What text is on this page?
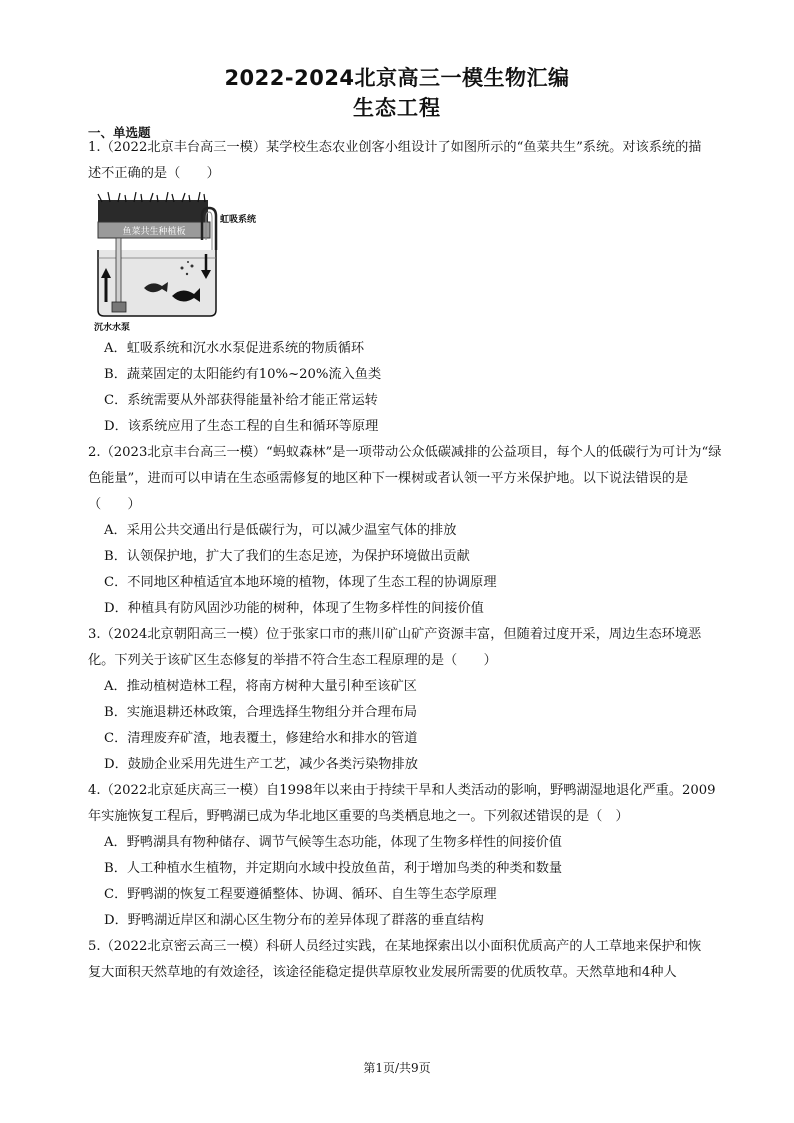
2022-2024北京高三一模生物汇编
生态工程
一、单选题
1.（2022北京丰台高三一模）某学校生态农业创客小组设计了如图所示的“鱼菜共生”系统。对该系统的描
述不正确的是（　　）
鱼菜共生种植板
虹吸系统
沉水水泵
A．虹吸系统和沉水水泵促进系统的物质循环
B．蔬菜固定的太阳能约有10%~20%流入鱼类
C．系统需要从外部获得能量补给才能正常运转
D．该系统应用了生态工程的自生和循环等原理
2.（2023北京丰台高三一模）“蚂蚁森林”是一项带动公众低碳减排的公益项目，每个人的低碳行为可计为“绿
色能量”，进而可以申请在生态亟需修复的地区种下一棵树或者认领一平方米保护地。以下说法错误的是
（　　）
A．采用公共交通出行是低碳行为，可以减少温室气体的排放
B．认领保护地，扩大了我们的生态足迹，为保护环境做出贡献
C．不同地区种植适宜本地环境的植物，体现了生态工程的协调原理
D．种植具有防风固沙功能的树种，体现了生物多样性的间接价值
3.（2024北京朝阳高三一模）位于张家口市的燕川矿山矿产资源丰富，但随着过度开采，周边生态环境恶
化。下列关于该矿区生态修复的举措不符合生态工程原理的是（　　）
A．推动植树造林工程，将南方树种大量引种至该矿区
B．实施退耕还林政策，合理选择生物组分并合理布局
C．清理废弃矿渣，地表覆土，修建给水和排水的管道
D．鼓励企业采用先进生产工艺，减少各类污染物排放
4.（2022北京延庆高三一模）自1998年以来由于持续干旱和人类活动的影响，野鸭湖湿地退化严重。2009
年实施恢复工程后，野鸭湖已成为华北地区重要的鸟类栖息地之一。下列叙述错误的是（　）
A．野鸭湖具有物种储存、调节气候等生态功能，体现了生物多样性的间接价值
B．人工种植水生植物，并定期向水域中投放鱼苗，利于增加鸟类的种类和数量
C．野鸭湖的恢复工程要遵循整体、协调、循环、自生等生态学原理
D．野鸭湖近岸区和湖心区生物分布的差异体现了群落的垂直结构
5.（2022北京密云高三一模）科研人员经过实践，在某地探索出以小面积优质高产的人工草地来保护和恢
复大面积天然草地的有效途径，该途径能稳定提供草原牧业发展所需要的优质牧草。天然草地和4种人
第1页/共9页
